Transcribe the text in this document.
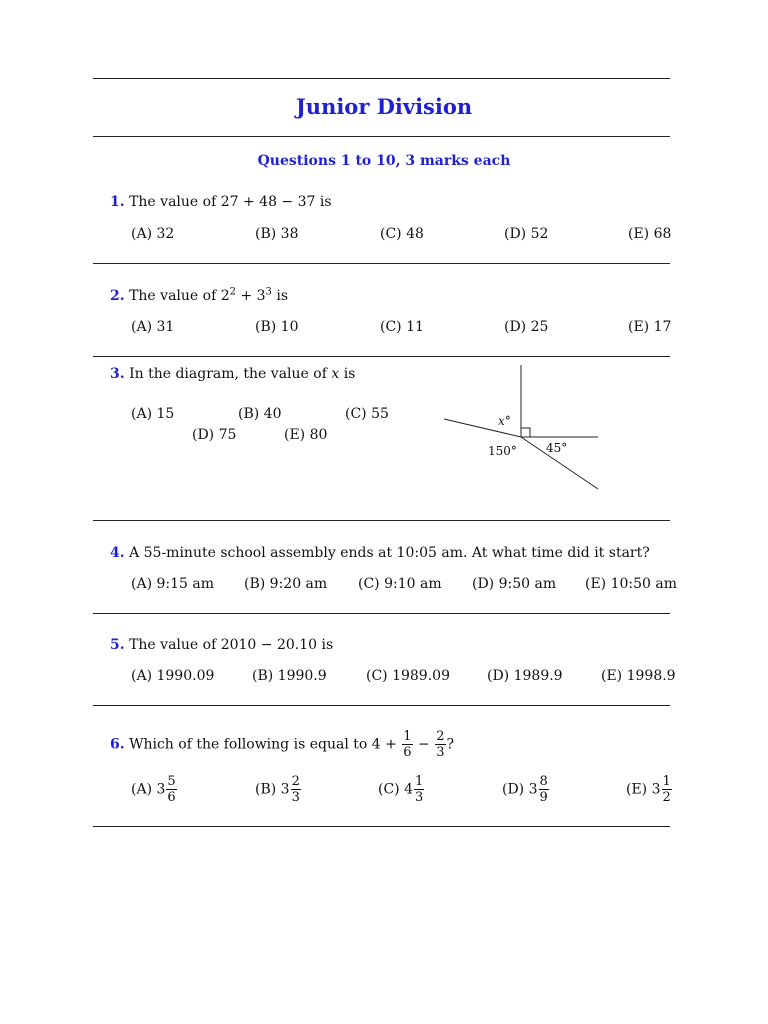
Junior Division
Questions 1 to 10, 3 marks each
1. The value of 27 + 48 − 37 is
(A) 32	(B) 38	(C) 48	(D) 52	(E) 68
2. The value of $2^2 + 3^3$ is
(A) 31	(B) 10	(C) 11	(D) 25	(E) 17
3. In the diagram, the value of x is
(A) 15	(B) 40	(C) 55
(D) 75	(E) 80
x°
150° 45°
4. A 55-minute school assembly ends at 10:05 am. At what time did it start?
(A) 9:15 am (B) 9:20 am (C) 9:10 am (D) 9:50 am (E) 10:50 am
5. The value of 2010 − 20.10 is
(A) 1990.09	(B) 1990.9	(C) 1989.09	(D) 1989.9	(E) 1998.9
6. Which of the following is equal to $4 + \frac{1}{6} - \frac{2}{3}$ ?
(A) $3 \frac{5}{6}$	(B) $3 \frac{2}{3}$	(C) $4 \frac{1}{3}$	(D) $3 \frac{8}{9}$	(E) $3 \frac{1}{2}$
